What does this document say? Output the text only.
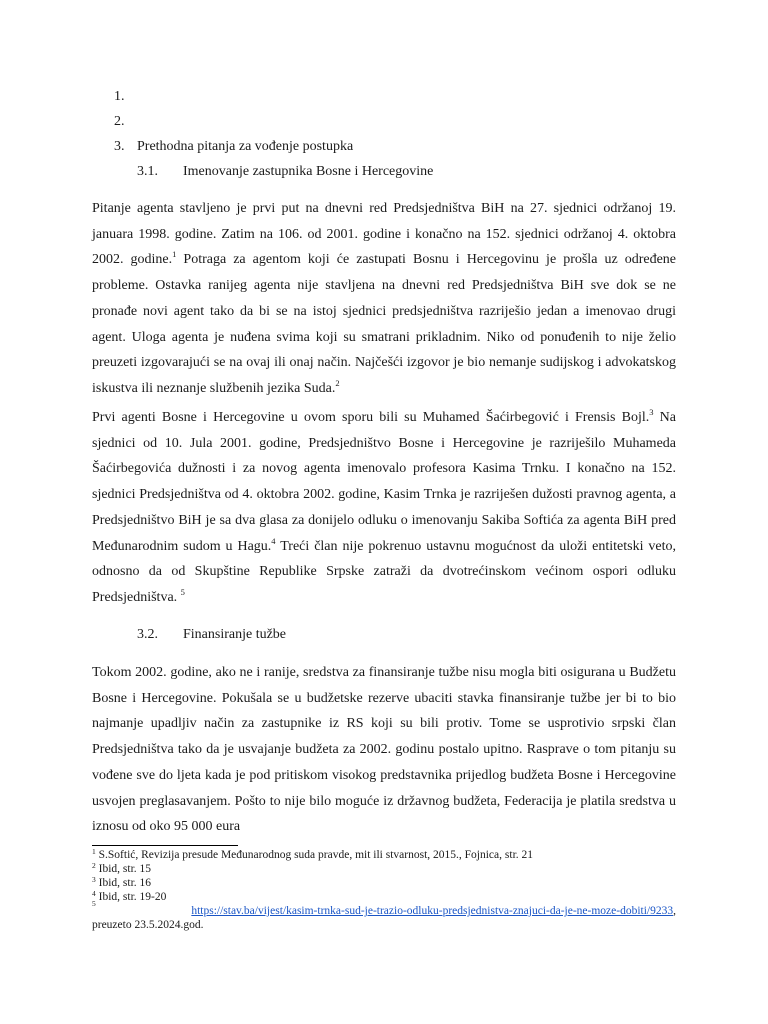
1.
2.
3. Prethodna pitanja za vođenje postupka
3.1.	Imenovanje zastupnika Bosne i Hercegovine

Pitanje agenta stavljeno je prvi put na dnevni red Predsjedništva BiH na 27. sjednici održanoj 19. januara 1998. godine. Zatim na 106. od 2001. godine i konačno na 152. sjednici održanoj 4. oktobra 2002. godine.$^1$ Potraga za agentom koji će zastupati Bosnu i Hercegovinu je prošla uz određene probleme. Ostavka ranijeg agenta nije stavljena na dnevni red Predsjedništva BiH sve dok se ne pronađe novi agent tako da bi se na istoj sjednici predsjedništva razriješio jedan a imenovao drugi agent. Uloga agenta je nuđena svima koji su smatrani prikladnim. Niko od ponuđenih to nije želio preuzeti izgovarajući se na ovaj ili onaj način. Najčešći izgovor je bio nemanje sudijskog i advokatskog iskustva ili neznanje službenih jezika Suda.$^2$

Prvi agenti Bosne i Hercegovine u ovom sporu bili su Muhamed Šaćirbegović i Frensis Bojl.$^3$ Na sjednici od 10. Jula 2001. godine, Predsjedništvo Bosne i Hercegovine je razriješilo Muhameda Šaćirbegovića dužnosti i za novog agenta imenovalo profesora Kasima Trnku. I konačno na 152. sjednici Predsjedništva od 4. oktobra 2002. godine, Kasim Trnka je razriješen dužosti pravnog agenta, a Predsjedništvo BiH je sa dva glasa za donijelo odluku o imenovanju Sakiba Softića za agenta BiH pred Međunarodnim sudom u Hagu.$^4$ Treći član nije pokrenuo ustavnu mogućnost da uloži entitetski veto, odnosno da od Skupštine Republike Srpske zatraži da dvotrećinskom većinom ospori odluku Predsjedništva. $^5$

3.2.	Finansiranje tužbe

Tokom 2002. godine, ako ne i ranije, sredstva za finansiranje tužbe nisu mogla biti osigurana u Budžetu Bosne i Hercegovine. Pokušala se u budžetske rezerve ubaciti stavka finansiranje tužbe jer bi to bio najmanje upadljiv način za zastupnike iz RS koji su bili protiv. Tome se usprotivio srpski član Predsjedništva tako da je usvajanje budžeta za 2002. godinu postalo upitno. Rasprave o tom pitanju su vođene sve do ljeta kada je pod pritiskom visokog predstavnika prijedlog budžeta Bosne i Hercegovine usvojen preglasavanjem. Pošto to nije bilo moguće iz državnog budžeta, Federacija je platila sredstva u iznosu od oko 95 000 eura

$^1$ S.Softić, Revizija presude Međunarodnog suda pravde, mit ili stvarnost, 2015., Fojnica, str. 21
$^2$ Ibid, str. 15
$^3$ Ibid, str. 16
$^4$ Ibid, str. 19-20
5
https://stav.ba/vijest/kasim-trnka-sud-je-trazio-odluku-predsjednistva-znajuci-da-je-ne-moze-dobiti/9233,
preuzeto 23.5.2024.god.
